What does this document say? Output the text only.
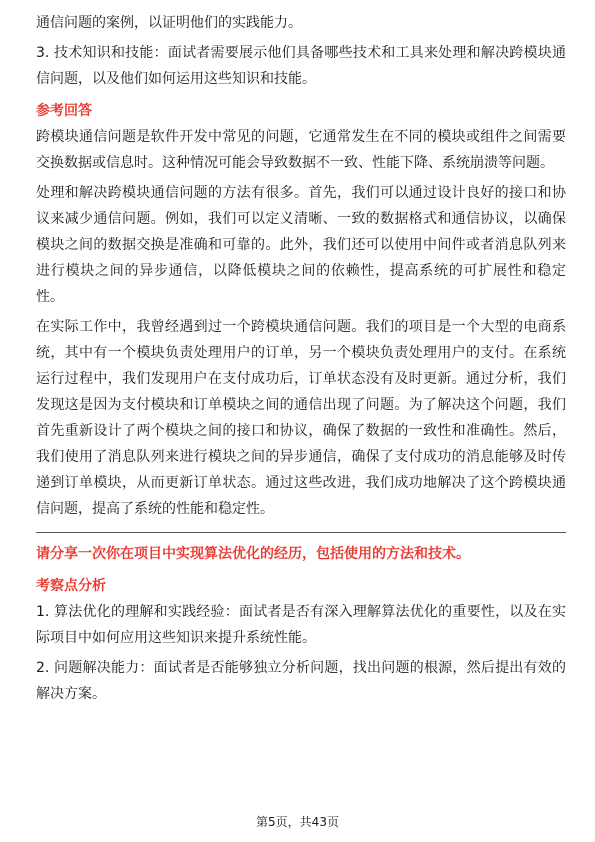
通信问题的案例，以证明他们的实践能力。

3. 技术知识和技能：面试者需要展示他们具备哪些技术和工具来处理和解决跨模块通信问题，以及他们如何运用这些知识和技能。

参考回答

跨模块通信问题是软件开发中常见的问题，它通常发生在不同的模块或组件之间需要交换数据或信息时。这种情况可能会导致数据不一致、性能下降、系统崩溃等问题。

处理和解决跨模块通信问题的方法有很多。首先，我们可以通过设计良好的接口和协议来减少通信问题。例如，我们可以定义清晰、一致的数据格式和通信协议，以确保模块之间的数据交换是准确和可靠的。此外，我们还可以使用中间件或者消息队列来进行模块之间的异步通信，以降低模块之间的依赖性，提高系统的可扩展性和稳定性。

在实际工作中，我曾经遇到过一个跨模块通信问题。我们的项目是一个大型的电商系统，其中有一个模块负责处理用户的订单，另一个模块负责处理用户的支付。在系统运行过程中，我们发现用户在支付成功后，订单状态没有及时更新。通过分析，我们发现这是因为支付模块和订单模块之间的通信出现了问题。为了解决这个问题，我们首先重新设计了两个模块之间的接口和协议，确保了数据的一致性和准确性。然后，我们使用了消息队列来进行模块之间的异步通信，确保了支付成功的消息能够及时传递到订单模块，从而更新订单状态。通过这些改进，我们成功地解决了这个跨模块通信问题，提高了系统的性能和稳定性。

请分享一次你在项目中实现算法优化的经历，包括使用的方法和技术。
考察点分析

1. 算法优化的理解和实践经验：面试者是否有深入理解算法优化的重要性，以及在实际项目中如何应用这些知识来提升系统性能。

2. 问题解决能力：面试者是否能够独立分析问题，找出问题的根源，然后提出有效的解决方案。

第5页，共43页
